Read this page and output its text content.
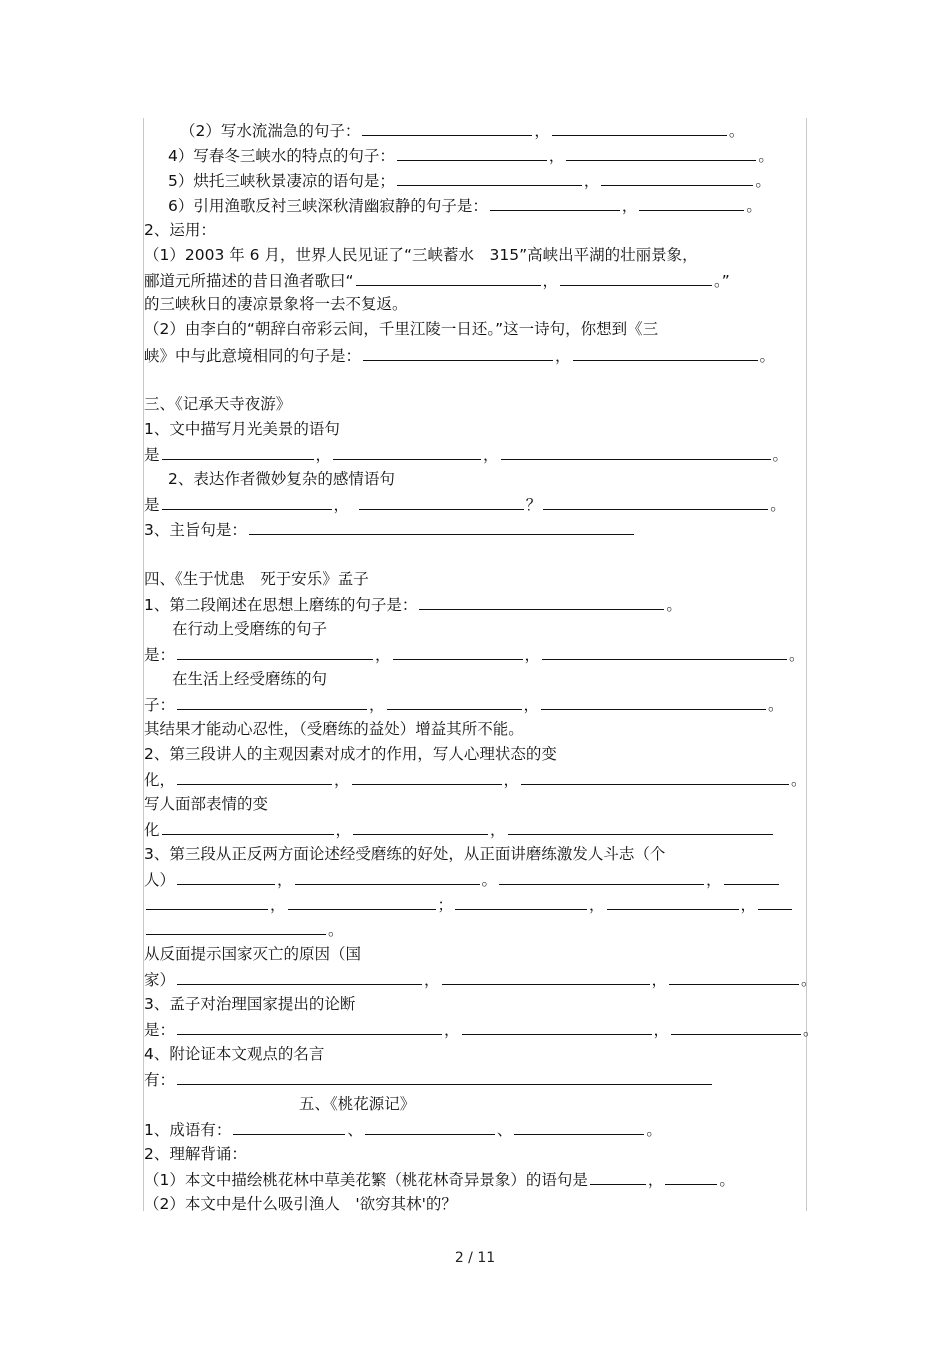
（2）写水流湍急的句子：	，	。
4）写春冬三峡水的特点的句子：	，	。
5）烘托三峡秋景凄凉的语句是；	，	。
6）引用渔歌反衬三峡深秋清幽寂静的句子是：	，	。
2、运用：
（1）2003 年 6 月，世界人民见证了“三峡蓄水　315”高峡出平湖的壮丽景象，
郦道元所描述的昔日渔者歌曰“	，	。”
的三峡秋日的凄凉景象将一去不复返。
（2）由李白的“朝辞白帝彩云间，千里江陵一日还。”这一诗句，你想到《三
峡》中与此意境相同的句子是：	，	。
三、《记承天寺夜游》
1、文中描写月光美景的语句
是	，	，	。
2、表达作者微妙复杂的感情语句
是	，　	？	。
3、主旨句是：
四、《生于忧患　死于安乐》孟子
1、第二段阐述在思想上磨练的句子是：	。
在行动上受磨练的句子
是：	，	，	。
在生活上经受磨练的句
子：	，	，	。
其结果才能动心忍性，（受磨练的益处）增益其所不能。
2、第三段讲人的主观因素对成才的作用，写人心理状态的变
化，	，	，	。
写人面部表情的变
化	，	，
3、第三段从正反两方面论述经受磨练的好处，从正面讲磨练激发人斗志（个
人）	，	。	，
，	；	，	，
。
从反面提示国家灭亡的原因（国
家）	，	，	。
3、孟子对治理国家提出的论断
是：	，	，	。
4、附论证本文观点的名言
有：
五、《桃花源记》
1、成语有：	、	、	。
2、理解背诵：
（1）本文中描绘桃花林中草美花繁（桃花林奇异景象）的语句是	，	。
（2）本文中是什么吸引渔人　'欲穷其林'的？
2 / 11
